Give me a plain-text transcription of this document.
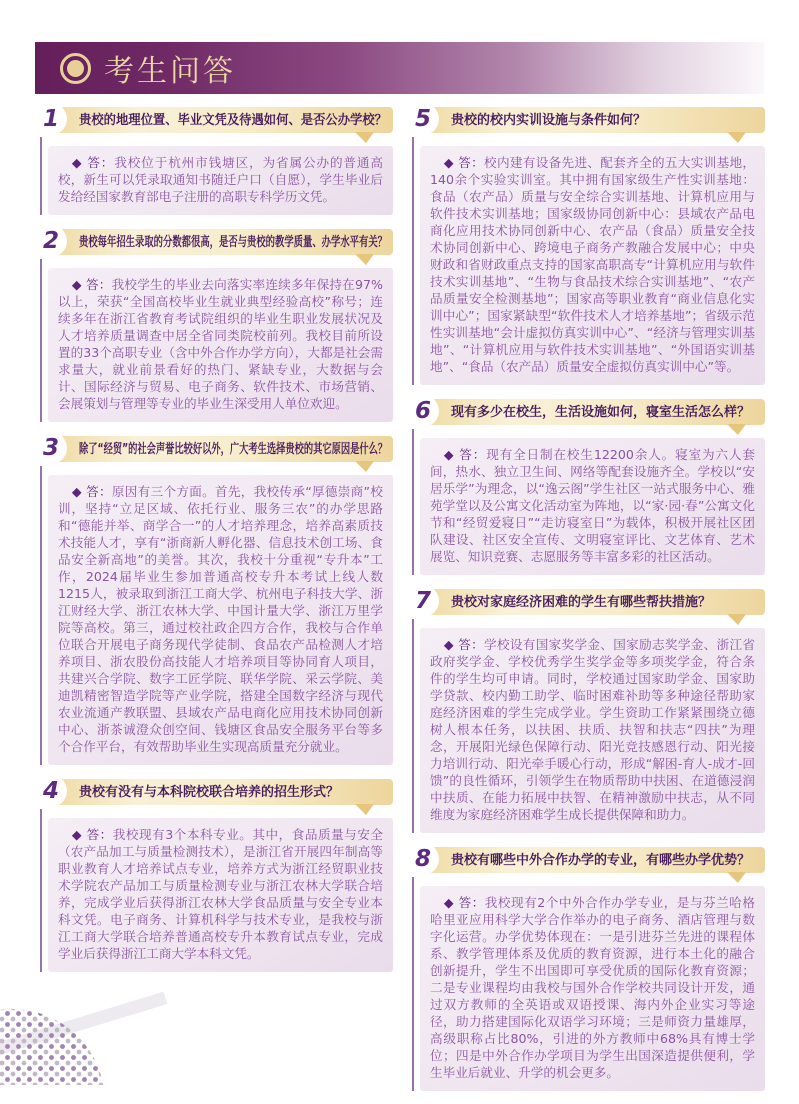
考生问答
1	贵校的地理位置、毕业文凭及待遇如何、是否公办学校？

◆ 答：我校位于杭州市钱塘区，为省属公办的普通高校，新生可以凭录取通知书随迁户口（自愿），学生毕业后发给经国家教育部电子注册的高职专科学历文凭。

2	贵校每年招生录取的分数都很高，是否与贵校的教学质量、办学水平有关？

◆ 答：我校学生的毕业去向落实率连续多年保持在97%以上，荣获“全国高校毕业生就业典型经验高校”称号；连续多年在浙江省教育考试院组织的毕业生职业发展状况及人才培养质量调查中居全省同类院校前列。我校目前所设置的33个高职专业（含中外合作办学方向），大都是社会需求量大，就业前景看好的热门、紧缺专业，大数据与会计、国际经济与贸易、电子商务、软件技术、市场营销、会展策划与管理等专业的毕业生深受用人单位欢迎。

3	除了“经贸”的社会声誉比较好以外，广大考生选择贵校的其它原因是什么？

◆ 答：原因有三个方面。首先，我校传承“厚德崇商”校训，坚持“立足区域、依托行业、服务三农”的办学思路和“德能并举、商学合一”的人才培养理念，培养高素质技术技能人才，享有“浙商新人孵化器、信息技术创工场、食品安全新高地”的美誉。其次，我校十分重视“专升本”工作，2024届毕业生参加普通高校专升本考试上线人数1215人，被录取到浙江工商大学、杭州电子科技大学、浙江财经大学、浙江农林大学、中国计量大学、浙江万里学院等高校。第三，通过校社政企四方合作，我校与合作单位联合开展电子商务现代学徒制、食品农产品检测人才培养项目、浙农股份高技能人才培养项目等协同育人项目，共建兴合学院、数字工匠学院、联华学院、采云学院、美迪凯精密智造学院等产业学院，搭建全国数字经济与现代农业流通产教联盟、县域农产品电商化应用技术协同创新中心、浙茶诚澄众创空间、钱塘区食品安全服务平台等多个合作平台，有效帮助毕业生实现高质量充分就业。

4	贵校有没有与本科院校联合培养的招生形式？

◆ 答：我校现有3个本科专业。其中，食品质量与安全（农产品加工与质量检测技术），是浙江省开展四年制高等职业教育人才培养试点专业，培养方式为浙江经贸职业技术学院农产品加工与质量检测专业与浙江农林大学联合培养，完成学业后获得浙江农林大学食品质量与安全专业本科文凭。电子商务、计算机科学与技术专业，是我校与浙江工商大学联合培养普通高校专升本教育试点专业，完成学业后获得浙江工商大学本科文凭。

5	贵校的校内实训设施与条件如何？

◆ 答：校内建有设备先进、配套齐全的五大实训基地，140余个实验实训室。其中拥有国家级生产性实训基地：食品（农产品）质量与安全综合实训基地、计算机应用与软件技术实训基地；国家级协同创新中心：县域农产品电商化应用技术协同创新中心、农产品（食品）质量安全技术协同创新中心、跨境电子商务产教融合发展中心；中央财政和省财政重点支持的国家高职高专“计算机应用与软件技术实训基地”、“生物与食品技术综合实训基地”、“农产品质量安全检测基地”；国家高等职业教育“商业信息化实训中心”；国家紧缺型“软件技术人才培养基地”；省级示范性实训基地“会计虚拟仿真实训中心”、“经济与管理实训基地”、“计算机应用与软件技术实训基地”、“外国语实训基地”、“食品（农产品）质量安全虚拟仿真实训中心”等。

6	现有多少在校生，生活设施如何，寝室生活怎么样？

◆ 答：现有全日制在校生12200余人。寝室为六人套间，热水、独立卫生间、网络等配套设施齐全。学校以“安居乐学”为理念，以“逸云阁”学生社区一站式服务中心、雅苑学堂以及公寓文化活动室为阵地，以“家·园·春”公寓文化节和“经贸爱寝日”“走访寝室日”为载体，积极开展社区团队建设、社区安全宣传、文明寝室评比、文艺体育、艺术展览、知识竞赛、志愿服务等丰富多彩的社区活动。

7	贵校对家庭经济困难的学生有哪些帮扶措施？

◆ 答：学校设有国家奖学金、国家励志奖学金、浙江省政府奖学金、学校优秀学生奖学金等多项奖学金，符合条件的学生均可申请。同时，学校通过国家助学金、国家助学贷款、校内勤工助学、临时困难补助等多种途径帮助家庭经济困难的学生完成学业。学生资助工作紧紧围绕立德树人根本任务，以扶困、扶质、扶智和扶志“四扶”为理念，开展阳光绿色保障行动、阳光竞技感恩行动、阳光接力培训行动、阳光牵手暖心行动，形成“解困-育人-成才-回馈”的良性循环，引领学生在物质帮助中扶困、在道德浸润中扶质、在能力拓展中扶智、在精神激励中扶志，从不同维度为家庭经济困难学生成长提供保障和助力。

8	贵校有哪些中外合作办学的专业，有哪些办学优势？

◆ 答：我校现有2个中外合作办学专业，是与芬兰哈格哈里亚应用科学大学合作举办的电子商务、酒店管理与数字化运营。办学优势体现在：一是引进芬兰先进的课程体系、教学管理体系及优质的教育资源，进行本土化的融合创新提升，学生不出国即可享受优质的国际化教育资源；二是专业课程均由我校与国外合作学校共同设计开发，通过双方教师的全英语或双语授课、海内外企业实习等途径，助力搭建国际化双语学习环境；三是师资力量雄厚，高级职称占比80%，引进的外方教师中68%具有博士学位；四是中外合作办学项目为学生出国深造提供便利，学生毕业后就业、升学的机会更多。
